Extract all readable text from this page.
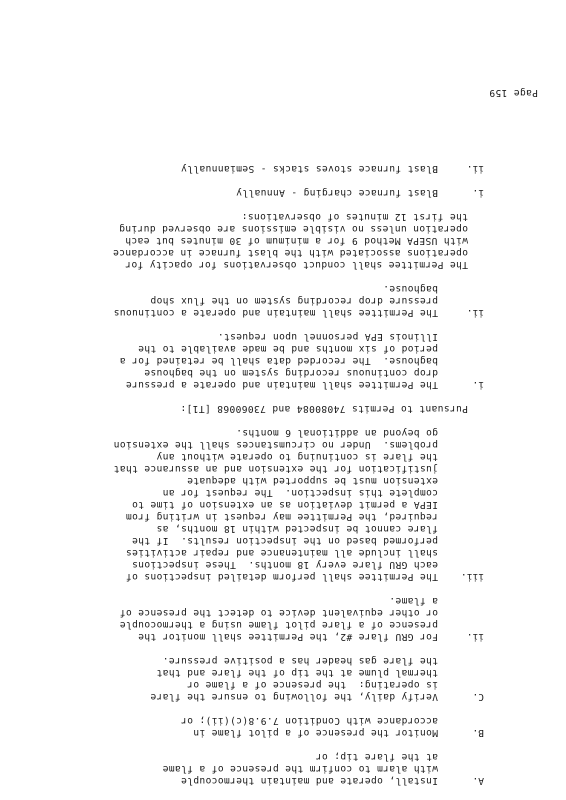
A.
Install, operate and maintain thermocouple
with alarm to confirm the presence of a flame
at the flare tip; or
B.
Monitor the presence of a pilot flame in
accordance with Condition 7.9.8(c)(ii); or
C.
Verify daily, the following to ensure the flare
is operating:  the presence of a flame or
thermal plume at the tip of the flare and that
the flare gas header has a positive pressure.
ii.
For GRU flare #2, the Permittee shall monitor the
presence of a flare pilot flame using a thermocouple
or other equivalent device to detect the presence of
a flame.
iii.
The Permittee shall perform detailed inspections of
each GRU flare every 18 months.  These inspections
shall include all maintenance and repair activities
performed based on the inspection results.  If the
flare cannot be inspected within 18 months, as
required, the Permittee may request in writing from
IEPA a permit deviation as an extension of time to
complete this inspection.  The request for an
extension must be supported with adequate
justification for the extension and an assurance that
the flare is continuing to operate without any
problems.  Under no circumstances shall the extension
go beyond an additional 6 months.
Pursuant to Permits 74080084 and 73060068 [T1]:
i.
The Permittee shall maintain and operate a pressure
drop continuous recording system on the baghouse
baghouse.  The recorded data shall be retained for a
period of six months and be made available to the
Illinois EPA personnel upon request.
ii.
The Permittee shall maintain and operate a continuous
pressure drop recording system on the flux shop
baghouse.
The Permittee shall conduct observations for opacity for
operations associated with the blast furnace in accordance
with USEPA Method 9 for a minimum of 30 minutes but each
operation unless no visible emissions are observed during
the first 12 minutes of observations:
i.
Blast furnace charging - Annually
ii.
Blast furnace stoves stacks - Semiannually
Page 159
